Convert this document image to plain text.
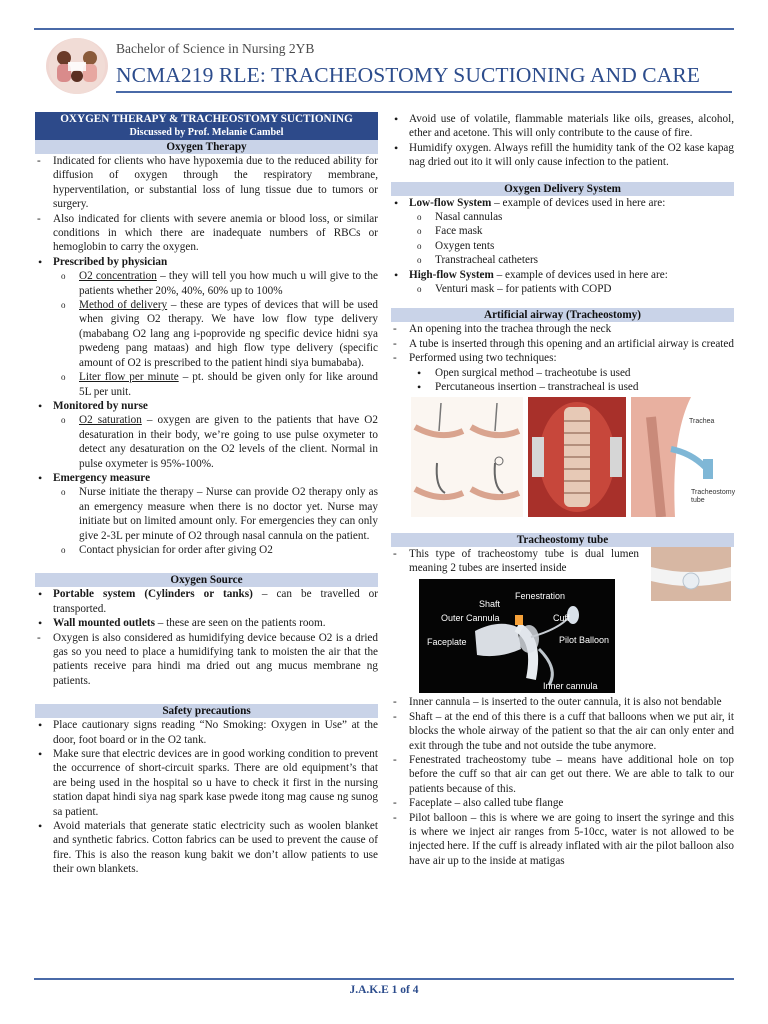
Bachelor of Science in Nursing 2YB
NCMA219 RLE: TRACHEOSTOMY SUCTIONING AND CARE
OXYGEN THERAPY & TRACHEOSTOMY SUCTIONING
Discussed by Prof. Melanie Cambel
Oxygen Therapy
- Indicated for clients who have hypoxemia due to the reduced ability for diffusion of oxygen through the respiratory membrane, hyperventilation, or substantial loss of lung tissue due to tumors or surgery.
- Also indicated for clients with severe anemia or blood loss, or similar conditions in which there are inadequate numbers of RBCs or hemoglobin to carry the oxygen.
• Prescribed by physician
o O2 concentration – they will tell you how much u will give to the patients whether 20%, 40%, 60% up to 100%
o Method of delivery – these are types of devices that will be used when giving O2 therapy. We have low flow type delivery (mababang O2 lang ang i-poprovide ng specific device hidni sya pwedeng pang mataas) and high flow type delivery (specific amount of O2 is prescribed to the patient hindi siya bumababa).
o Liter flow per minute – pt. should be given only for like around 5L per unit.
• Monitored by nurse
o O2 saturation – oxygen are given to the patients that have O2 desaturation in their body, we’re going to use pulse oxymeter to detect any desaturation on the O2 levels of the client. Normal in pulse oxymeter is 95%-100%.
• Emergency measure
o Nurse initiate the therapy – Nurse can provide O2 therapy only as an emergency measure when there is no doctor yet. Nurse may initiate but on limited amount only. For emergencies they can only give 2-3L per minute of O2 through nasal cannula on the patient.
o Contact physician for order after giving O2
Oxygen Source
• Portable system (Cylinders or tanks) – can be travelled or transported.
• Wall mounted outlets – these are seen on the patients room.
- Oxygen is also considered as humidifying device because O2 is a dried gas so you need to place a humidifying tank to moisten the air that the patients receive para hindi ma dried out ang mucus membrane ng patients.
Safety precautions
• Place cautionary signs reading “No Smoking: Oxygen in Use” at the door, foot board or in the O2 tank.
• Make sure that electric devices are in good working condition to prevent the occurrence of short-circuit sparks. There are old equipment’s that are being used in the hospital so u have to check it first in the nursing station dapat hindi siya nag spark kase pwede itong mag cause ng sunog sa patient.
• Avoid materials that generate static electricity such as woolen blanket and synthetic fabrics. Cotton fabrics can be used to prevent the cause of fire. This is also the reason kung bakit we don’t allow patients to use their own blankets.
• Avoid use of volatile, flammable materials like oils, greases, alcohol, ether and acetone. This will only contribute to the cause of fire.
• Humidify oxygen. Always refill the humidity tank of the O2 kase kapag nag dried out ito it will only cause infection to the patient.
Oxygen Delivery System
• Low-flow System – example of devices used in here are:
o Nasal cannulas
o Face mask
o Oxygen tents
o Transtracheal catheters
• High-flow System – example of devices used in here are:
o Venturi mask – for patients with COPD
Artificial airway (Tracheostomy)
- An opening into the trachea through the neck
- A tube is inserted through this opening and an artificial airway is created
- Performed using two techniques:
• Open surgical method – tracheotube is used
• Percutaneous insertion – transtracheal is used
Trachea
Tracheostomy tube
Tracheostomy tube
- This type of tracheostomy tube is dual lumen meaning 2 tubes are inserted inside
Shaft
Fenestration
Outer Cannula	Cuff
Faceplate	Pilot Balloon
Inner cannula
- Inner cannula – is inserted to the outer cannula, it is also not bendable
- Shaft – at the end of this there is a cuff that balloons when we put air, it blocks the whole airway of the patient so that the air can only enter and exit through the tube and not outside the tube anymore.
- Fenestrated tracheostomy tube – means have additional hole on top before the cuff so that air can get out there. We are able to talk to our patients because of this.
- Faceplate – also called tube flange
- Pilot balloon – this is where we are going to insert the syringe and this is where we inject air ranges from 5-10cc, water is not allowed to be injected here. If the cuff is already inflated with air the pilot balloon also have air up to the inside at matigas
J.A.K.E 1 of 4
